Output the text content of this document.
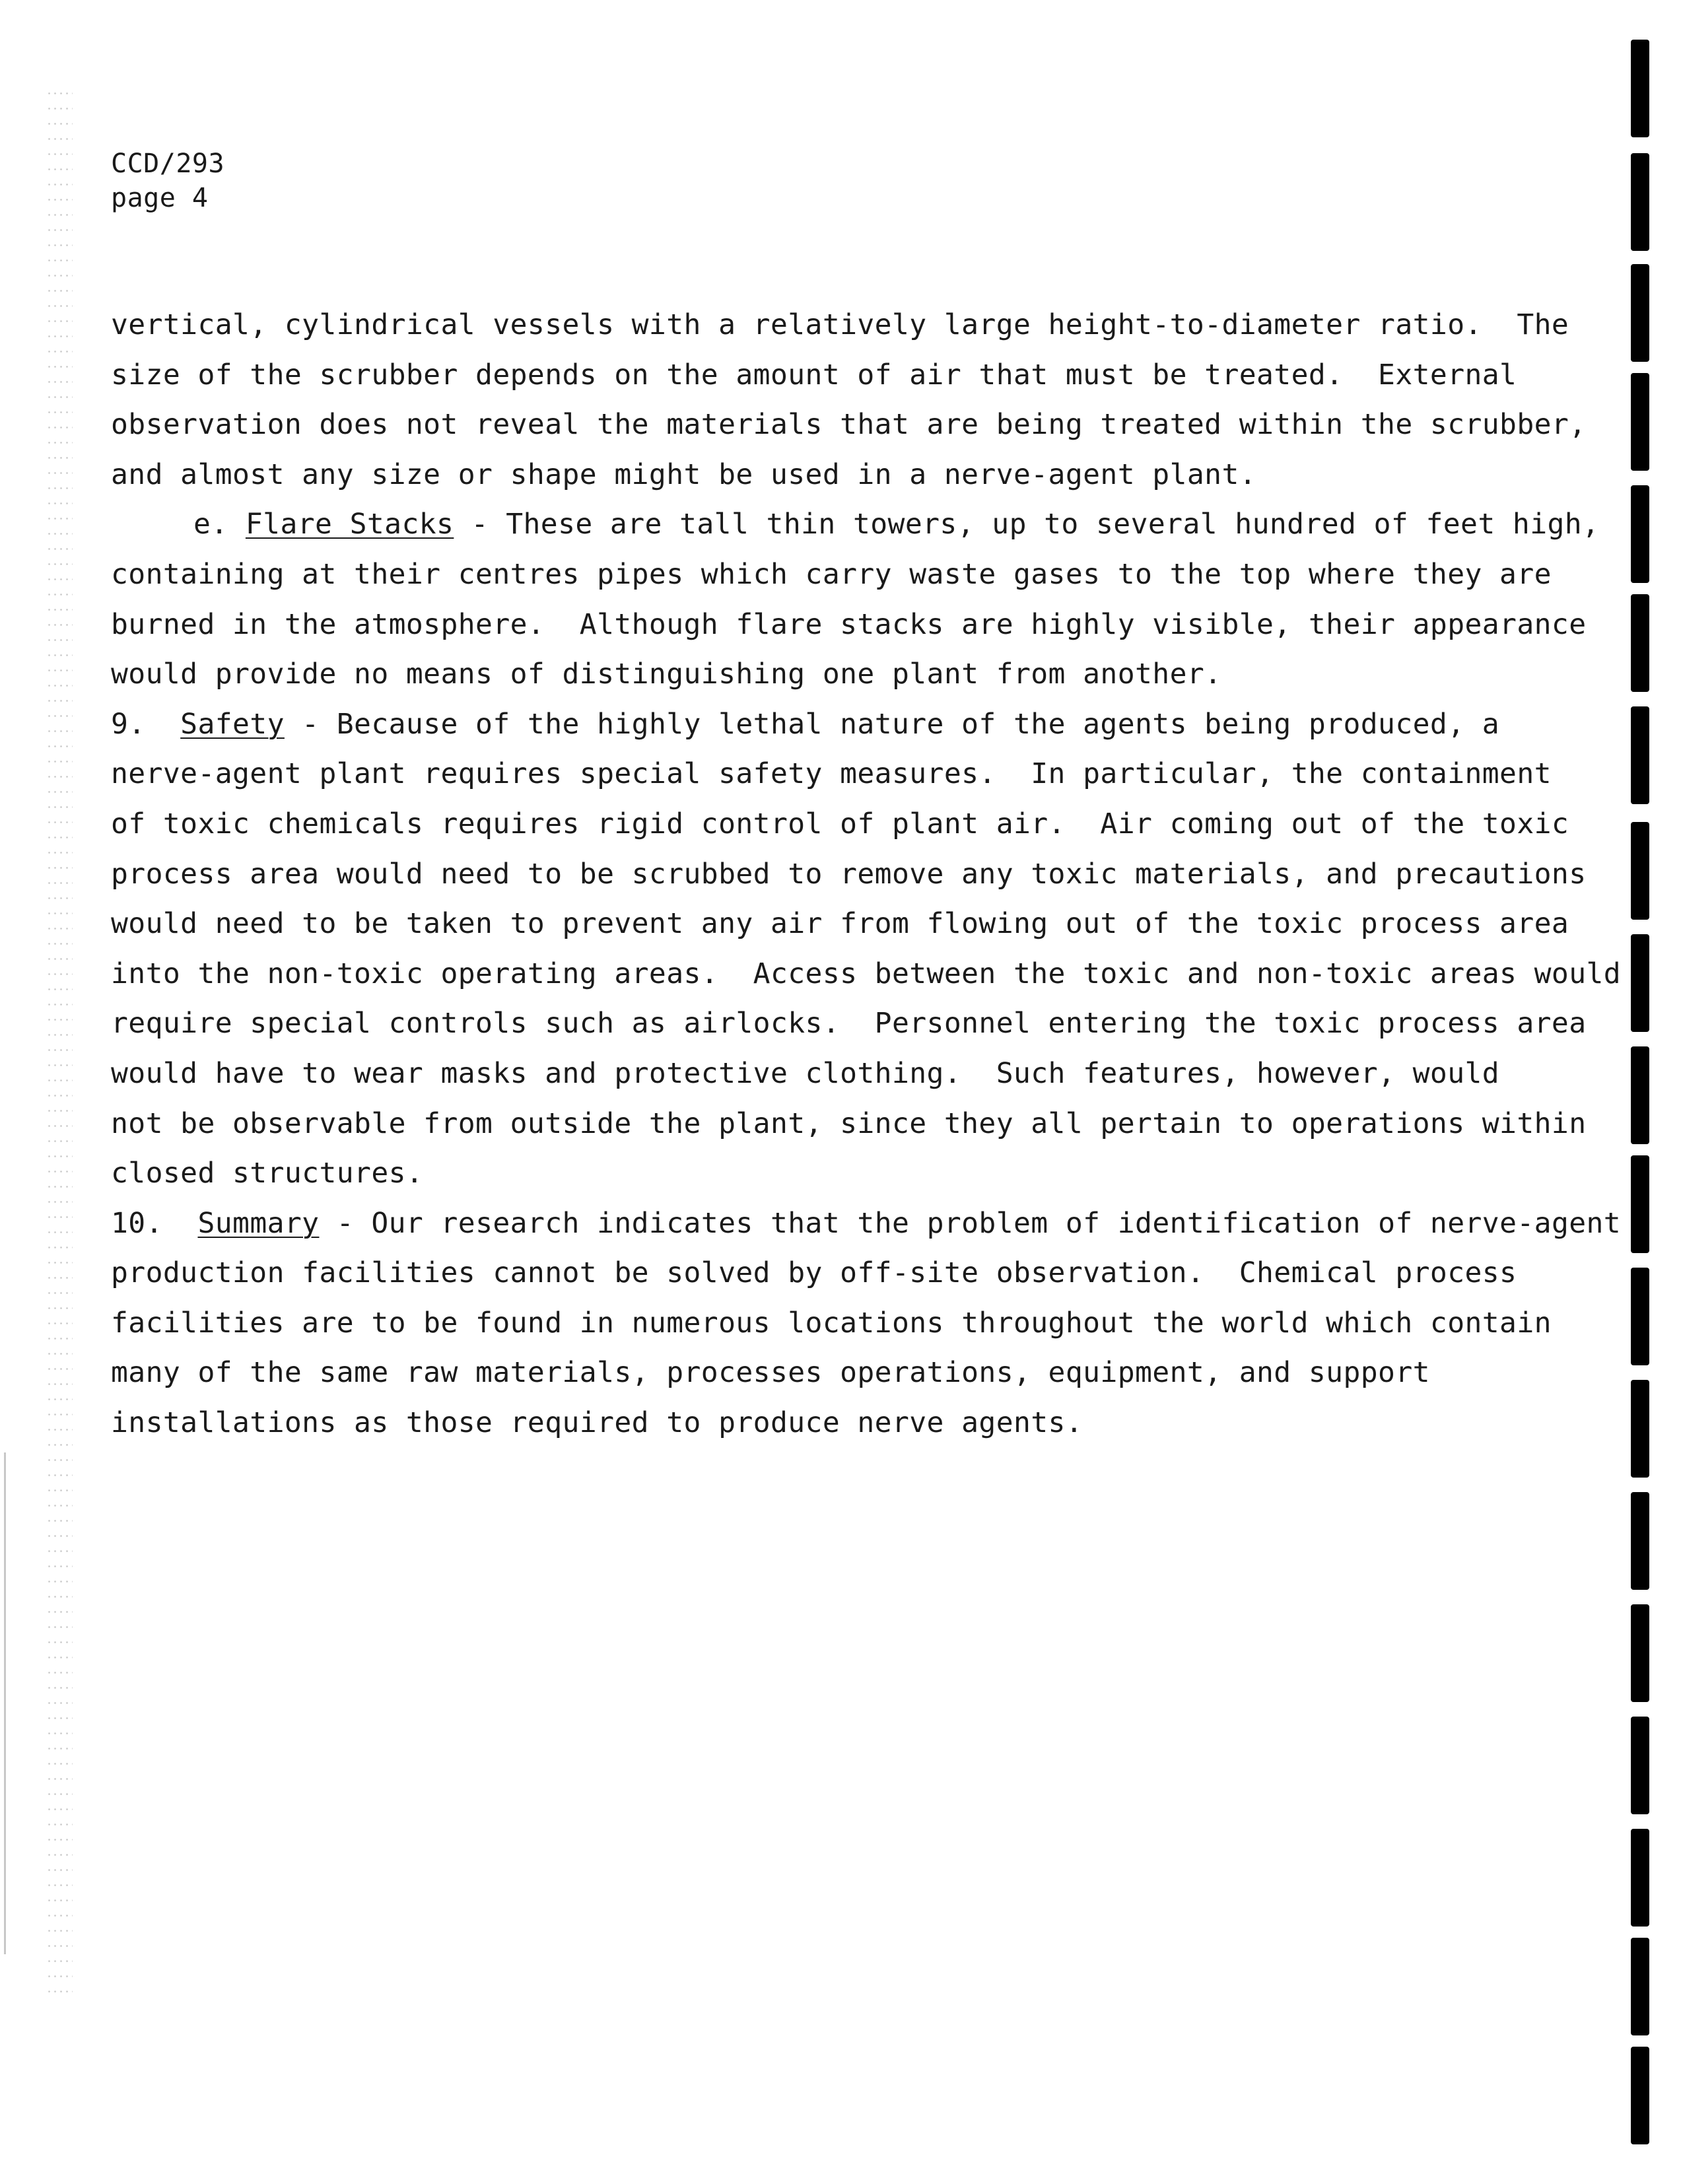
CCD/293
page 4
vertical, cylindrical vessels with a relatively large height-to-diameter ratio.  The
size of the scrubber depends on the amount of air that must be treated.  External
observation does not reveal the materials that are being treated within the scrubber,
and almost any size or shape might be used in a nerve-agent plant.
e. Flare Stacks - These are tall thin towers, up to several hundred of feet high,
containing at their centres pipes which carry waste gases to the top where they are
burned in the atmosphere.  Although flare stacks are highly visible, their appearance
would provide no means of distinguishing one plant from another.
9. Safety - Because of the highly lethal nature of the agents being produced, a
nerve-agent plant requires special safety measures.  In particular, the containment
of toxic chemicals requires rigid control of plant air.  Air coming out of the toxic
process area would need to be scrubbed to remove any toxic materials, and precautions
would need to be taken to prevent any air from flowing out of the toxic process area
into the non-toxic operating areas.  Access between the toxic and non-toxic areas would
require special controls such as airlocks.  Personnel entering the toxic process area
would have to wear masks and protective clothing.  Such features, however, would
not be observable from outside the plant, since they all pertain to operations within
closed structures.
10. Summary - Our research indicates that the problem of identification of nerve-agent
production facilities cannot be solved by off-site observation.  Chemical process
facilities are to be found in numerous locations throughout the world which contain
many of the same raw materials, processes operations, equipment, and support
installations as those required to produce nerve agents.
